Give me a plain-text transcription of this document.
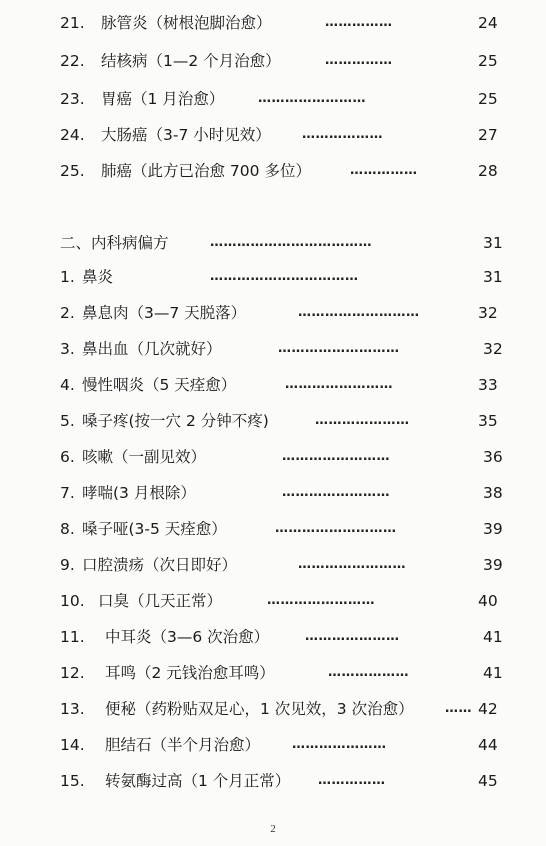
21. 脉管炎（树根泡脚治愈）	……………	24
22. 结核病（1—2 个月治愈）	……………	25
23. 胃癌（1 月治愈）	……………………	25
24. 大肠癌（3-7 小时见效） ………………	27
25. 肺癌（此方已治愈 700 多位）	……………	28
二、内科病偏方	………………………………	31
1. 鼻炎	……………………………	31
2. 鼻息肉（3—7 天脱落）	………………………	32
3. 鼻出血（几次就好）	………………………	32
4. 慢性咽炎（5 天痊愈）	……………………	33
5. 嗓子疼(按一穴 2 分钟不疼)	…………………	35
6. 咳嗽（一副见效）	……………………	36
7. 哮喘(3 月根除）	……………………	38
8. 嗓子哑(3-5 天痊愈）	………………………	39
9. 口腔溃疡（次日即好）	……………………	39
10. 口臭（几天正常）	……………………	40
11. 中耳炎（3—6 次治愈）	…………………	41
12. 耳鸣（2 元钱治愈耳鸣）	………………	41
13. 便秘（药粉贴双足心，1 次见效，3 次治愈） …… 42
14. 胆结石（半个月治愈） …………………	44
15. 转氨酶过高（1 个月正常） ……………	45
2
